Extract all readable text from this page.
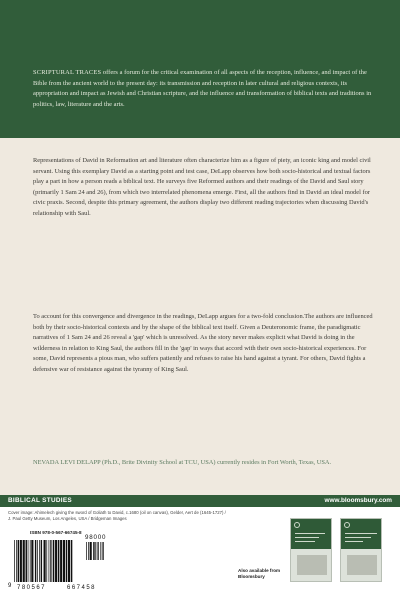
SCRIPTURAL TRACES offers a forum for the critical examination of all aspects of the reception, influence, and impact of the Bible from the ancient world to the present day: its transmission and reception in later cultural and religious contexts, its appropriation and impact as Jewish and Christian scripture, and the influence and transformation of biblical texts and traditions in politics, law, literature and the arts.

Representations of David in Reformation art and literature often characterize him as a figure of piety, an iconic king and model civil servant. Using this exemplary David as a starting point and test case, DeLapp observes how both socio-historical and textual factors play a part in how a person reads a biblical text. He surveys five Reformed authors and their readings of the David and Saul story (primarily 1 Sam 24 and 26), from which two interrelated phenomena emerge. First, all the authors find in David an ideal model for civic praxis. Second, despite this primary agreement, the authors display two different reading trajectories when discussing David's relationship with Saul.

To account for this convergence and divergence in the readings, DeLapp argues for a two-fold conclusion.The authors are influenced both by their socio-historical contexts and by the shape of the biblical text itself. Given a Deuteronomic frame, the paradigmatic narratives of 1 Sam 24 and 26 reveal a 'gap' which is unresolved. As the story never makes explicit what David is doing in the wilderness in relation to King Saul, the authors fill in the 'gap' in ways that accord with their own socio-historical experiences. For some, David represents a pious man, who suffers patiently and refuses to raise his hand against a tyrant. For others, David fights a defensive war of resistance against the tyranny of King Saul.

NEVADA LEVI DELAPP (Ph.D., Brite Divinity School at TCU, USA) currently resides in Fort Worth, Texas, USA.

BIBLICAL STUDIES	www.bloomsbury.com

Cover image: Ahimelech giving the sword of Goliath to David, c.1680 (oil on canvas), Gelder, Aert de (1645-1727) / J. Paul Getty Museum, Los Angeles, USA / Bridgeman Images

ISBN 978-0-567-66745-8
9 780567	667458
98000

Also available from Bloomsbury
